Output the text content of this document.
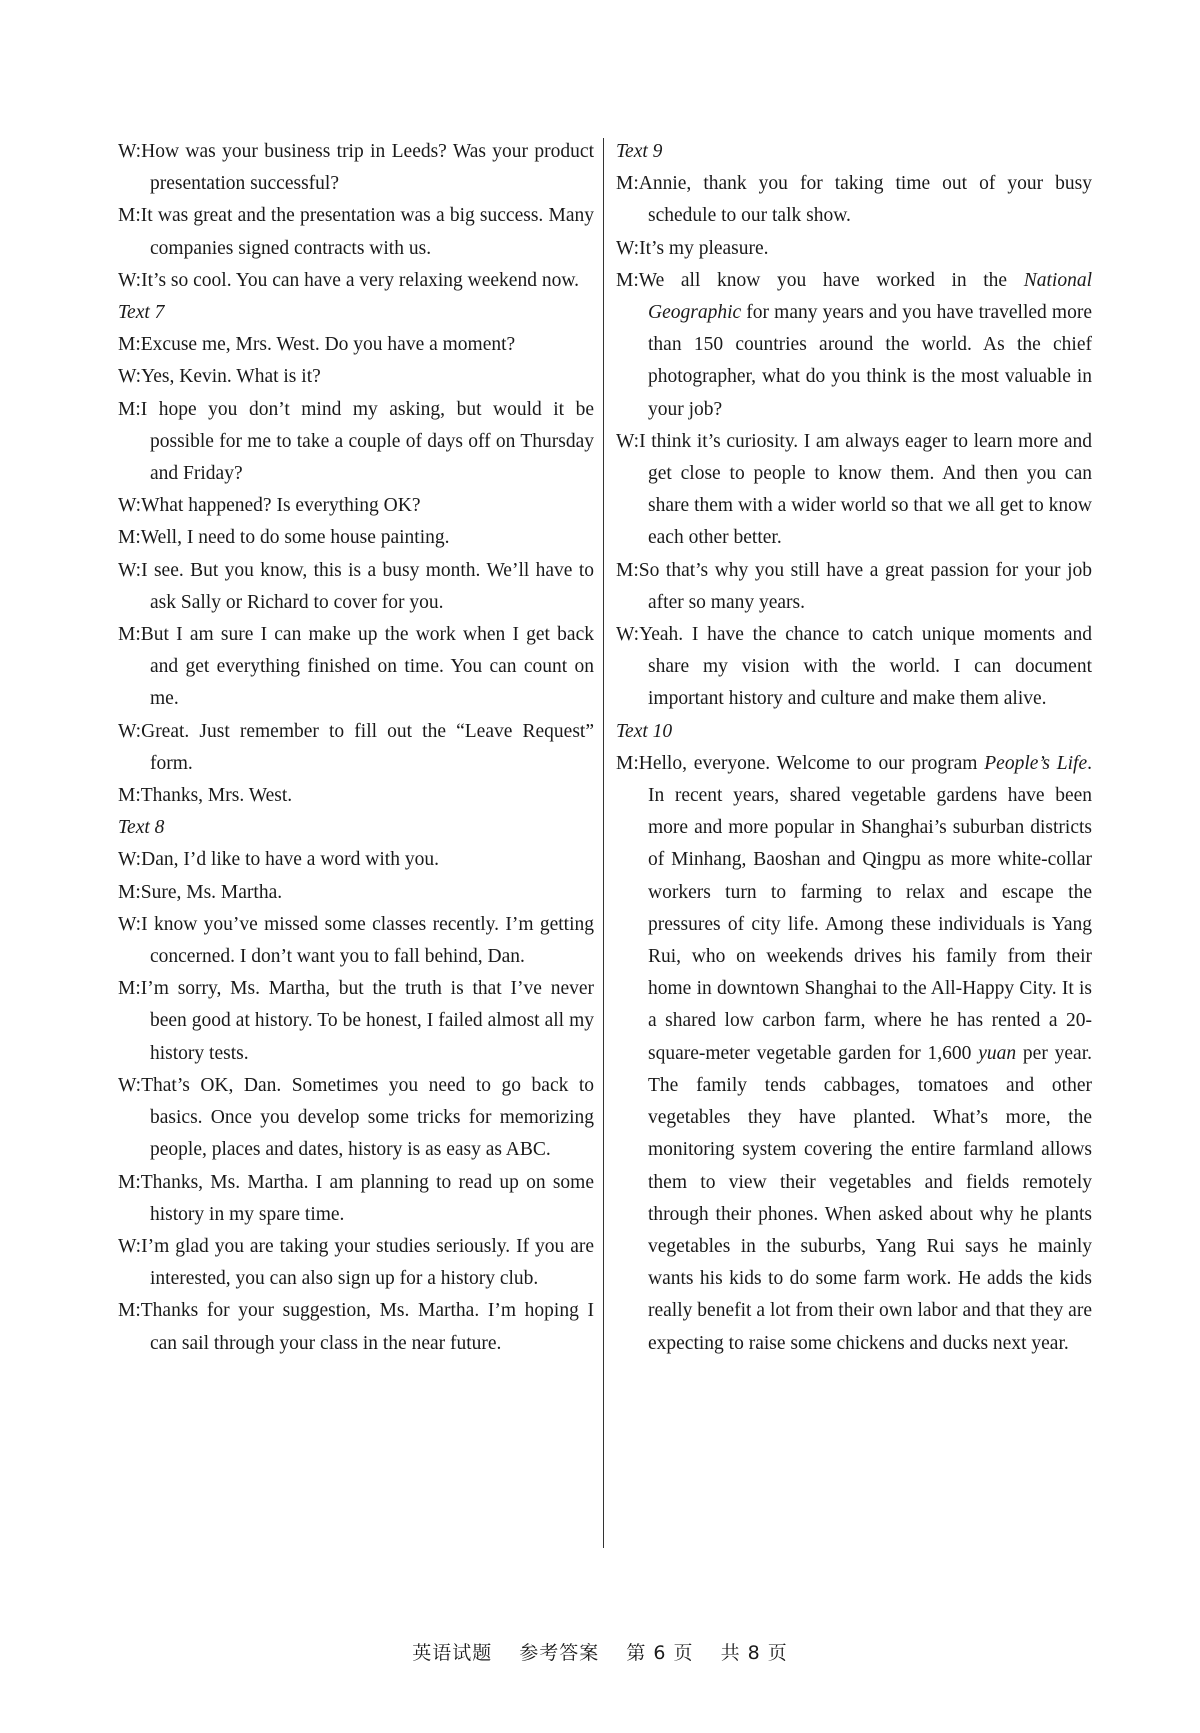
W:How was your business trip in Leeds? Was your product presentation successful?

M:It was great and the presentation was a big success. Many companies signed contracts with us.

W:It’s so cool. You can have a very relaxing weekend now.

Text 7

M:Excuse me, Mrs. West. Do you have a moment?

W:Yes, Kevin. What is it?

M:I hope you don’t mind my asking, but would it be possible for me to take a couple of days off on Thursday and Friday?

W:What happened? Is everything OK?

M:Well, I need to do some house painting.

W:I see. But you know, this is a busy month. We’ll have to ask Sally or Richard to cover for you.

M:But I am sure I can make up the work when I get back and get everything finished on time. You can count on me.

W:Great. Just remember to fill out the “Leave Request” form.

M:Thanks, Mrs. West.

Text 8

W:Dan, I’d like to have a word with you.

M:Sure, Ms. Martha.

W:I know you’ve missed some classes recently. I’m getting concerned. I don’t want you to fall behind, Dan.

M:I’m sorry, Ms. Martha, but the truth is that I’ve never been good at history. To be honest, I failed almost all my history tests.

W:That’s OK, Dan. Sometimes you need to go back to basics. Once you develop some tricks for memorizing people, places and dates, history is as easy as ABC.

M:Thanks, Ms. Martha. I am planning to read up on some history in my spare time.

W:I’m glad you are taking your studies seriously. If you are interested, you can also sign up for a history club.

M:Thanks for your suggestion, Ms. Martha. I’m hoping I can sail through your class in the near future.

Text 9

M:Annie, thank you for taking time out of your busy schedule to our talk show.

W:It’s my pleasure.

M:We all know you have worked in the National Geographic for many years and you have travelled more than 150 countries around the world. As the chief photographer, what do you think is the most valuable in your job?

W:I think it’s curiosity. I am always eager to learn more and get close to people to know them. And then you can share them with a wider world so that we all get to know each other better.

M:So that’s why you still have a great passion for your job after so many years.

W:Yeah. I have the chance to catch unique moments and share my vision with the world. I can document important history and culture and make them alive.

Text 10

M:Hello, everyone. Welcome to our program People’s Life. In recent years, shared vegetable gardens have been more and more popular in Shanghai’s suburban districts of Minhang, Baoshan and Qingpu as more white-collar workers turn to farming to relax and escape the pressures of city life. Among these individuals is Yang Rui, who on weekends drives his family from their home in downtown Shanghai to the All-Happy City. It is a shared low carbon farm, where he has rented a 20-square-meter vegetable garden for 1,600 yuan per year. The family tends cabbages, tomatoes and other vegetables they have planted. What’s more, the monitoring system covering the entire farmland allows them to view their vegetables and fields remotely through their phones. When asked about why he plants vegetables in the suburbs, Yang Rui says he mainly wants his kids to do some farm work. He adds the kids really benefit a lot from their own labor and that they are expecting to raise some chickens and ducks next year.

英语试题 参考答案 第 6 页 共 8 页
